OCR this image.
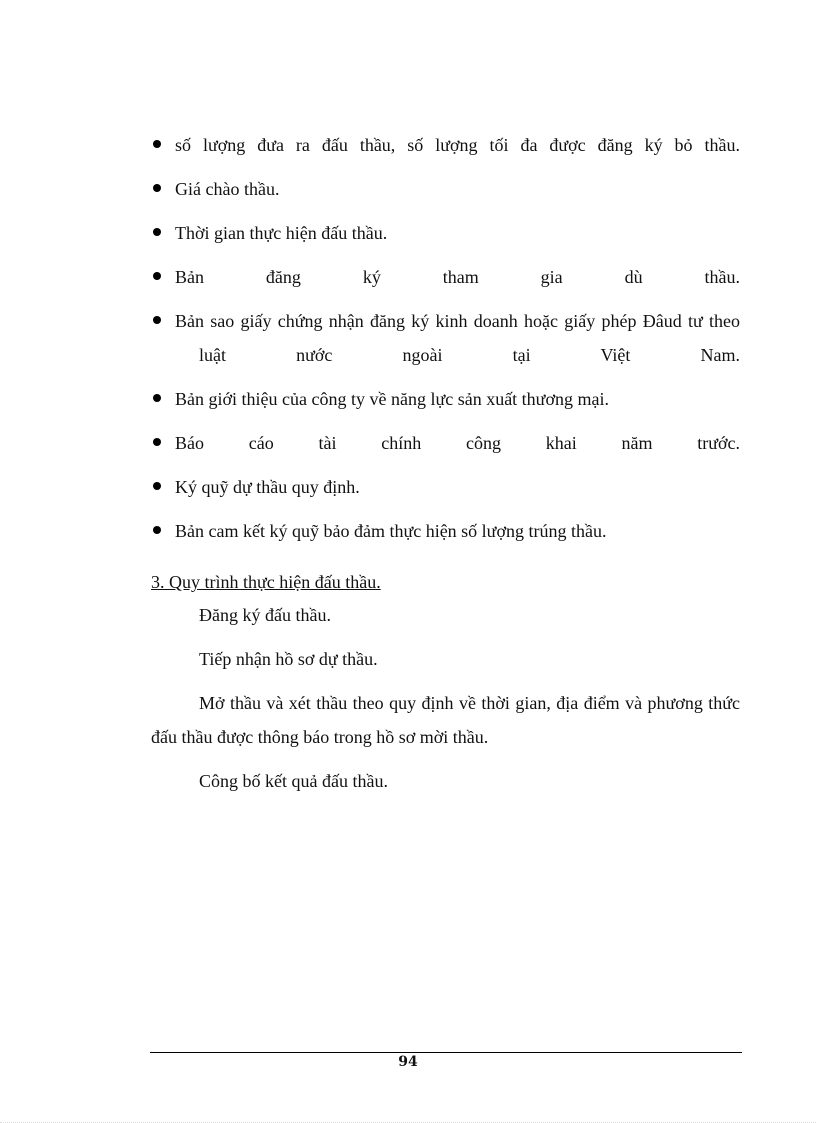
số lượng đưa ra đấu thầu, số lượng tối đa được đăng ký bỏ thầu.
Giá chào thầu.
Thời gian thực hiện đấu thầu.
Bản đăng ký tham gia dù thầu.
Bản sao giấy chứng nhận đăng ký kinh doanh hoặc giấy phép Đâud tư theo
luật nước ngoài tại Việt Nam.
Bản giới thiệu của công ty về năng lực sản xuất thương mại.
Báo cáo tài chính công khai năm trước.
Ký quỹ dự thầu quy định.
Bản cam kết ký quỹ bảo đảm thực hiện số lượng trúng thầu.

3. Quy trình thực hiện đấu thầu.

Đăng ký đấu thầu.

Tiếp nhận hồ sơ dự thầu.

Mở thầu và xét thầu theo quy định về thời gian, địa điểm và phương thức đấu thầu được thông báo trong hồ sơ mời thầu.

Công bố kết quả đấu thầu.

94
